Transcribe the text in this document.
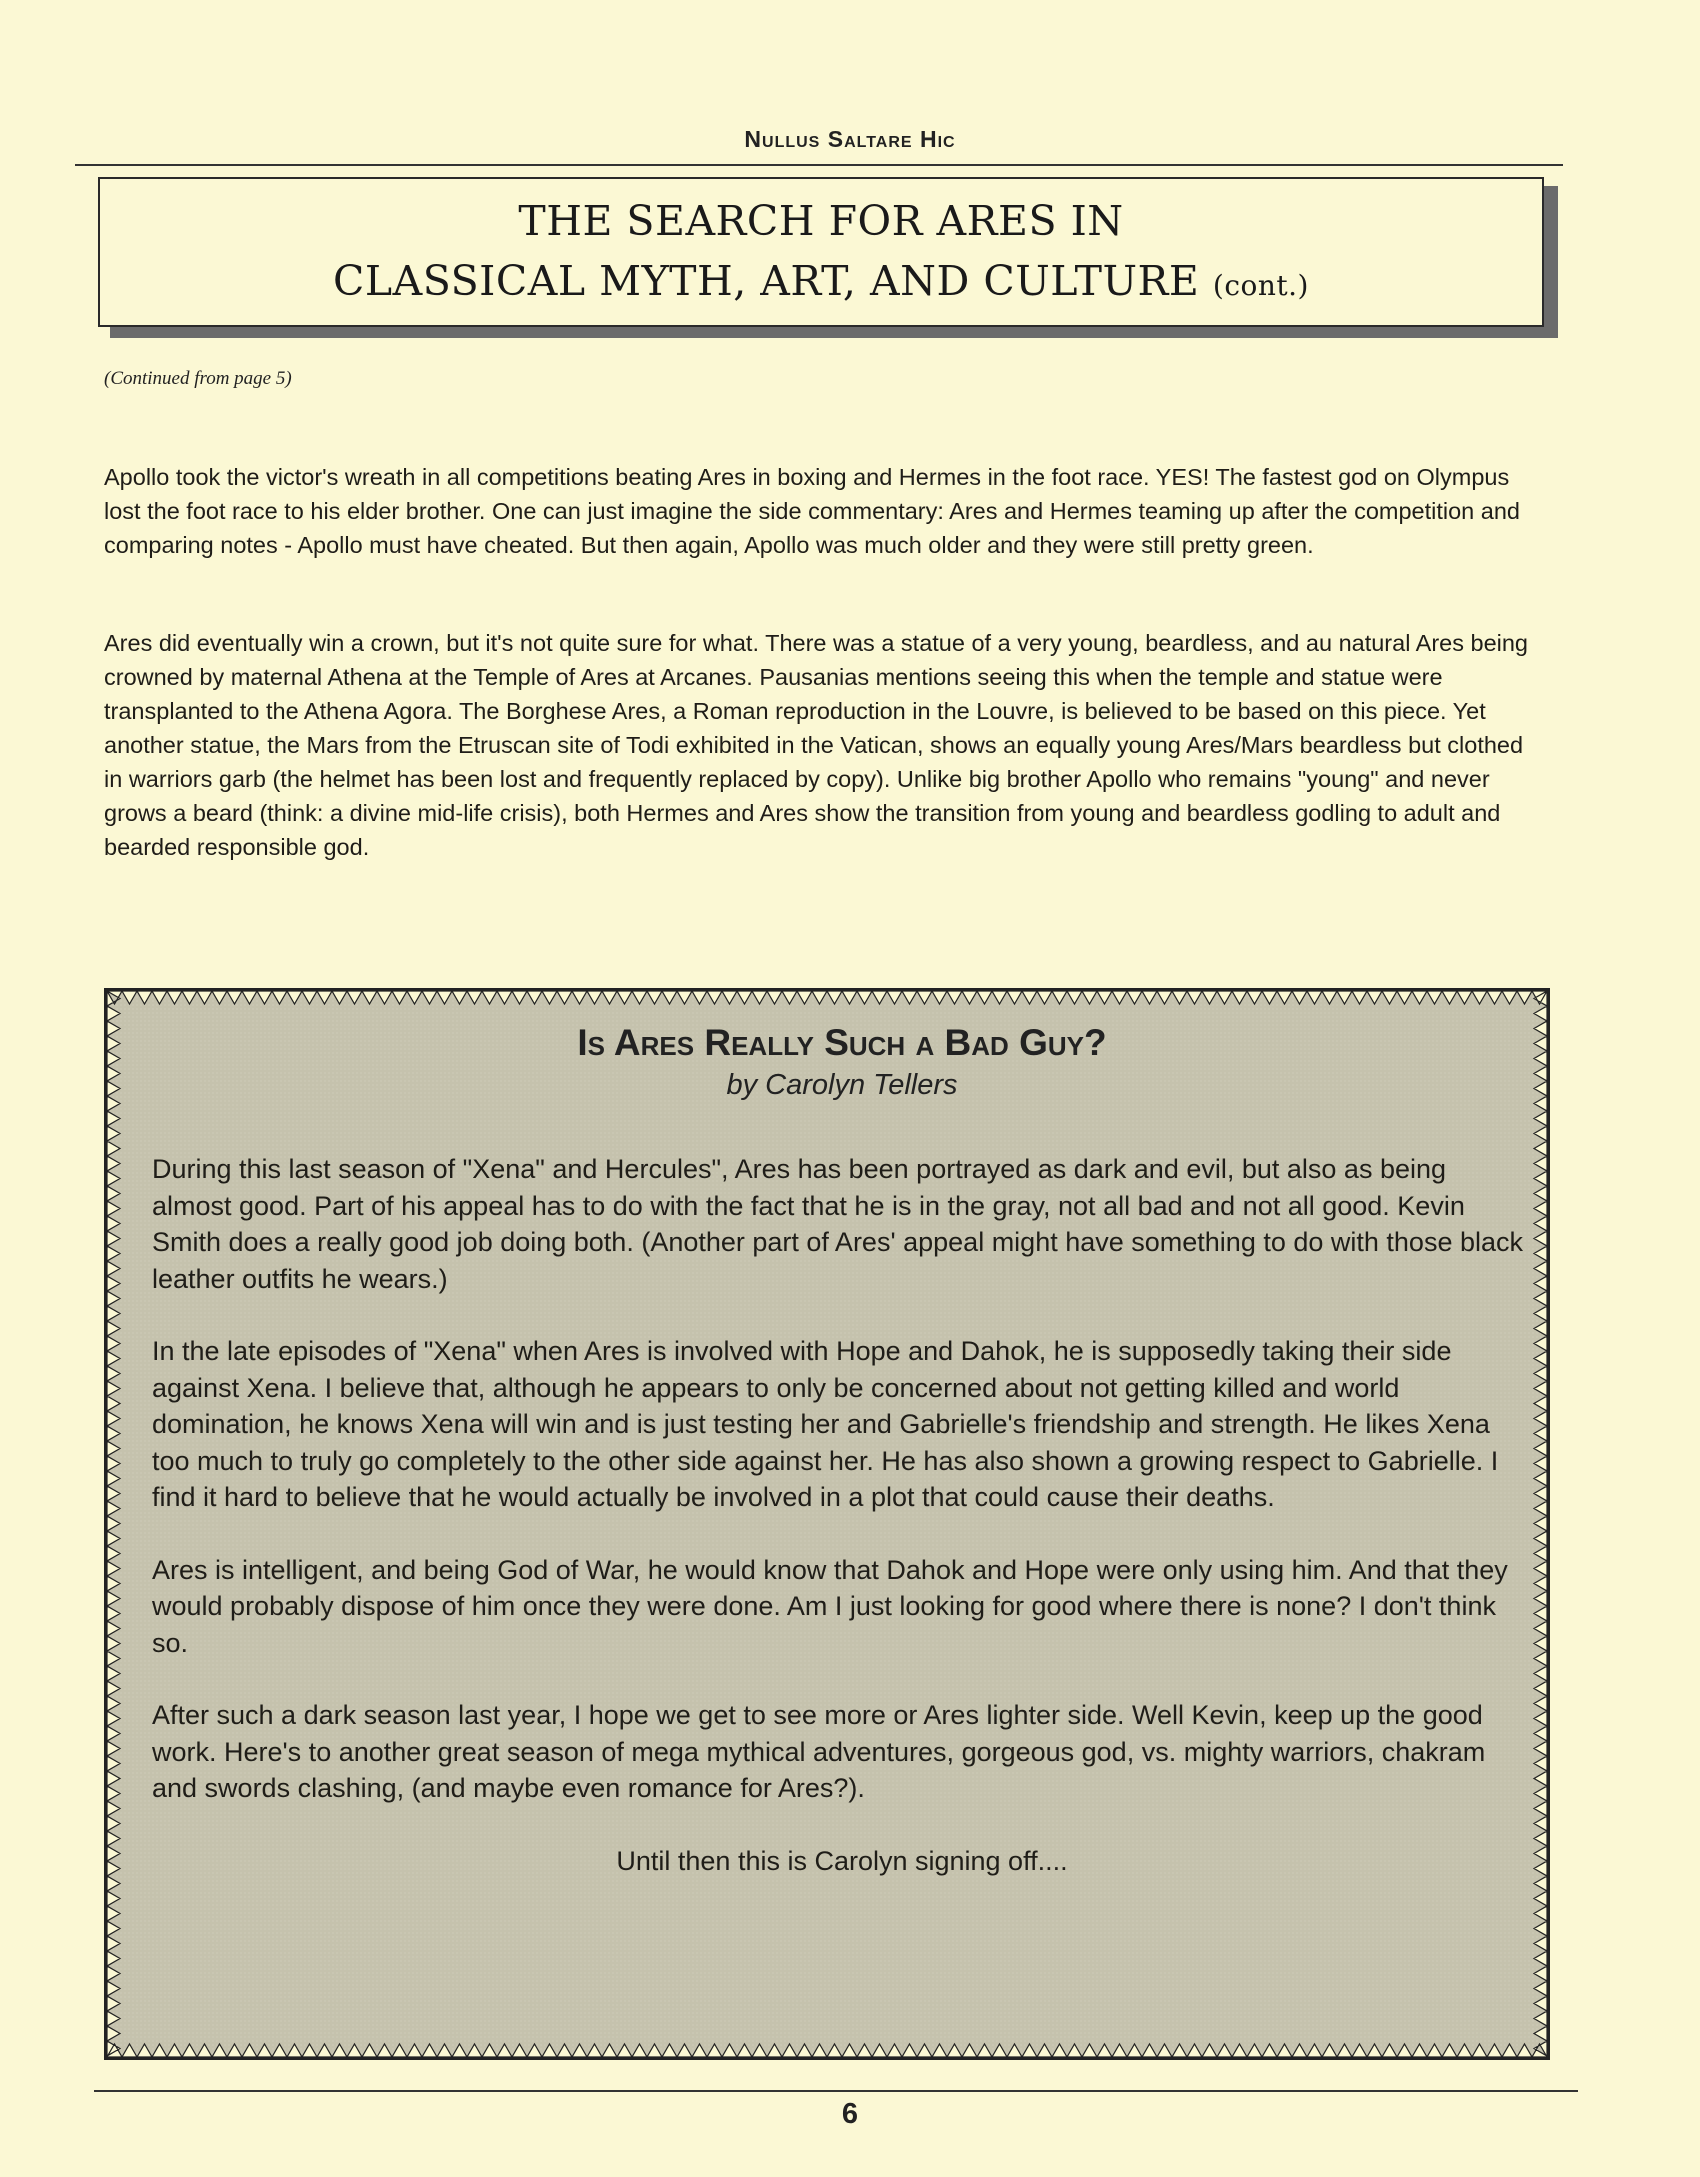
Nullus Saltare Hic
THE SEARCH FOR ARES IN
CLASSICAL MYTH, ART, AND CULTURE (cont.)
(Continued from page 5)

Apollo took the victor's wreath in all competitions beating Ares in boxing and Hermes in the foot race. YES! The fastest god on Olympus lost the foot race to his elder brother. One can just imagine the side commentary: Ares and Hermes teaming up after the competition and comparing notes - Apollo must have cheated. But then again, Apollo was much older and they were still pretty green.

Ares did eventually win a crown, but it's not quite sure for what. There was a statue of a very young, beardless, and au natural Ares being crowned by maternal Athena at the Temple of Ares at Arcanes. Pausanias mentions seeing this when the temple and statue were transplanted to the Athena Agora. The Borghese Ares, a Roman reproduction in the Louvre, is believed to be based on this piece. Yet another statue, the Mars from the Etruscan site of Todi exhibited in the Vatican, shows an equally young Ares/Mars beardless but clothed in warriors garb (the helmet has been lost and frequently replaced by copy). Unlike big brother Apollo who remains "young" and never grows a beard (think: a divine mid-life crisis), both Hermes and Ares show the transition from young and beardless godling to adult and bearded responsible god.

Is Ares Really Such a Bad Guy?
by Carolyn Tellers

During this last season of "Xena" and Hercules", Ares has been portrayed as dark and evil, but also as being almost good. Part of his appeal has to do with the fact that he is in the gray, not all bad and not all good. Kevin Smith does a really good job doing both. (Another part of Ares' appeal might have something to do with those black leather outfits he wears.)

In the late episodes of "Xena" when Ares is involved with Hope and Dahok, he is supposedly taking their side against Xena. I believe that, although he appears to only be concerned about not getting killed and world domination, he knows Xena will win and is just testing her and Gabrielle's friendship and strength. He likes Xena too much to truly go completely to the other side against her. He has also shown a growing respect to Gabrielle. I find it hard to believe that he would actually be involved in a plot that could cause their deaths.

Ares is intelligent, and being God of War, he would know that Dahok and Hope were only using him. And that they would probably dispose of him once they were done. Am I just looking for good where there is none? I don't think so.

After such a dark season last year, I hope we get to see more or Ares lighter side. Well Kevin, keep up the good work. Here's to another great season of mega mythical adventures, gorgeous god, vs. mighty warriors, chakram and swords clashing, (and maybe even romance for Ares?).

Until then this is Carolyn signing off....
6
